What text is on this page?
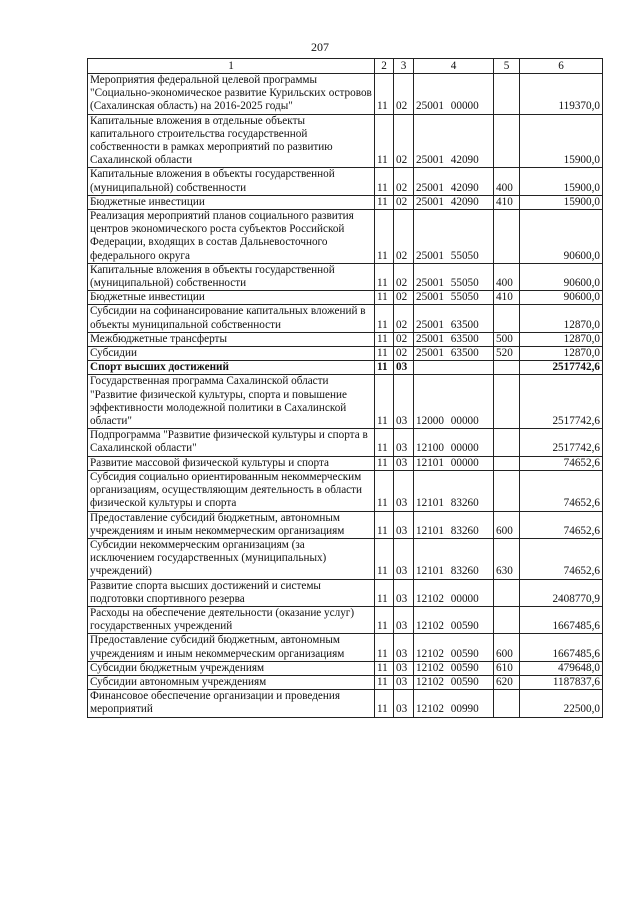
207
1	2	3	4	5	6
Мероприятия федеральной целевой программы "Социально-экономическое развитие Курильских островов (Сахалинская область) на 2016-2025 годы"	11	02	25001 00000		119370,0
Капитальные вложения в отдельные объекты капитального строительства государственной собственности в рамках мероприятий по развитию Сахалинской области	11	02	25001 42090		15900,0
Капитальные вложения в объекты государственной (муниципальной) собственности	11	02	25001 42090	400	15900,0
Бюджетные инвестиции	11	02	25001 42090	410	15900,0
Реализация мероприятий планов социального развития центров экономического роста субъектов Российской Федерации, входящих в состав Дальневосточного федерального округа	11	02	25001 55050		90600,0
Капитальные вложения в объекты государственной (муниципальной) собственности	11	02	25001 55050	400	90600,0
Бюджетные инвестиции	11	02	25001 55050	410	90600,0
Субсидии на софинансирование капитальных вложений в объекты муниципальной собственности	11	02	25001 63500		12870,0
Межбюджетные трансферты	11	02	25001 63500	500	12870,0
Субсидии	11	02	25001 63500	520	12870,0
Спорт высших достижений	11	03			2517742,6
Государственная программа Сахалинской области "Развитие физической культуры, спорта и повышение эффективности молодежной политики в Сахалинской области"	11	03	12000 00000		2517742,6
Подпрограмма "Развитие физической культуры и спорта в Сахалинской области"	11	03	12100 00000		2517742,6
Развитие массовой физической культуры и спорта	11	03	12101 00000		74652,6
Субсидия социально ориентированным некоммерческим организациям, осуществляющим деятельность в области физической культуры и спорта	11	03	12101 83260		74652,6
Предоставление субсидий бюджетным, автономным учреждениям и иным некоммерческим организациям	11	03	12101 83260	600	74652,6
Субсидии некоммерческим организациям (за исключением государственных (муниципальных) учреждений)	11	03	12101 83260	630	74652,6
Развитие спорта высших достижений и системы подготовки спортивного резерва	11	03	12102 00000		2408770,9
Расходы на обеспечение деятельности (оказание услуг) государственных учреждений	11	03	12102 00590		1667485,6
Предоставление субсидий бюджетным, автономным учреждениям и иным некоммерческим организациям	11	03	12102 00590	600	1667485,6
Субсидии бюджетным учреждениям	11	03	12102 00590	610	479648,0
Субсидии автономным учреждениям	11	03	12102 00590	620	1187837,6
Финансовое обеспечение организации и проведения мероприятий	11	03	12102 00990		22500,0
